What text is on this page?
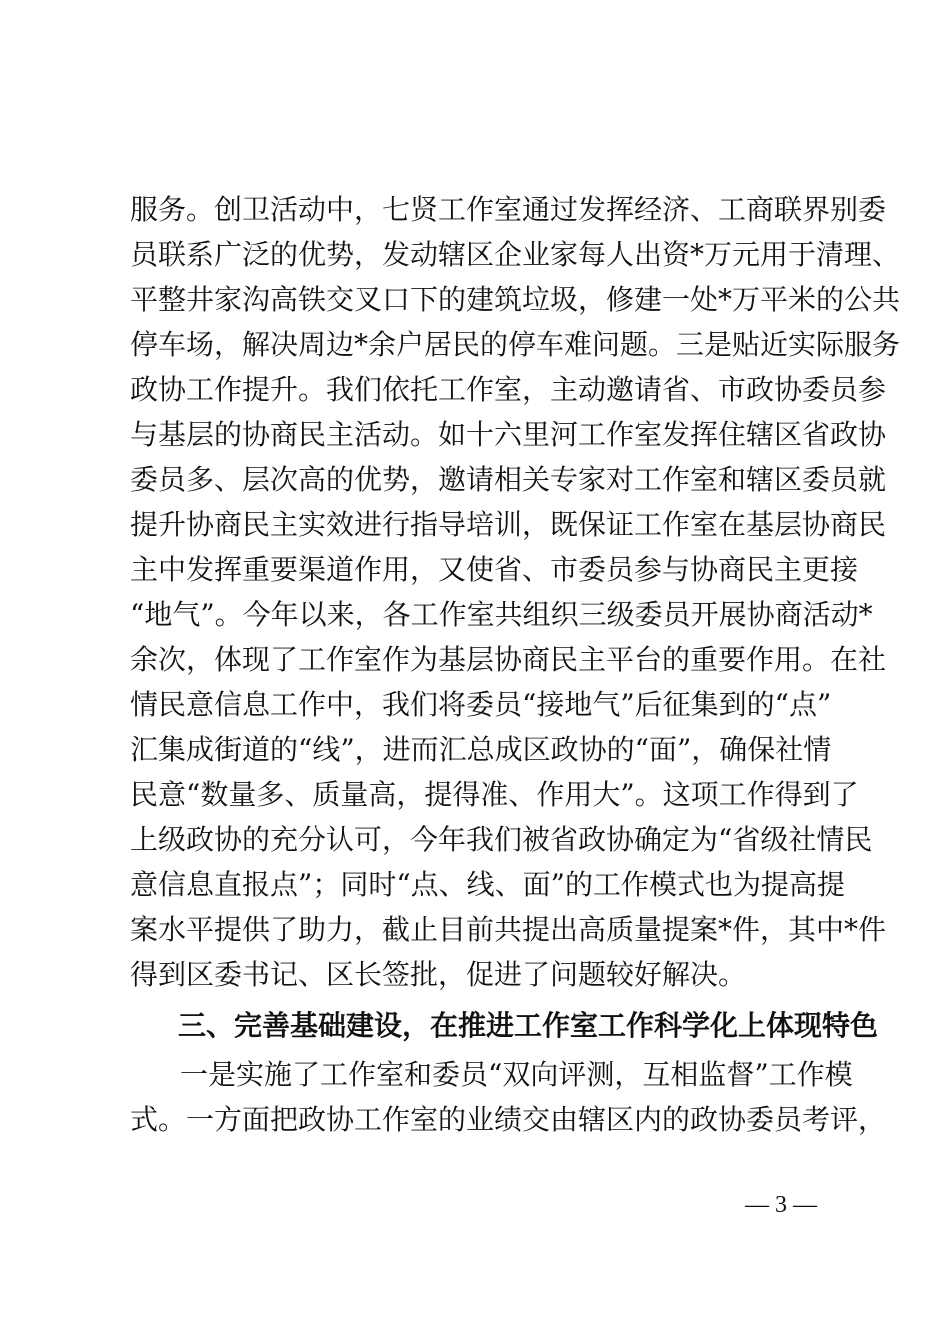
服务。创卫活动中，七贤工作室通过发挥经济、工商联界别委
员联系广泛的优势，发动辖区企业家每人出资*万元用于清理、
平整井家沟高铁交叉口下的建筑垃圾，修建一处*万平米的公共
停车场，解决周边*余户居民的停车难问题。三是贴近实际服务
政协工作提升。我们依托工作室，主动邀请省、市政协委员参
与基层的协商民主活动。如十六里河工作室发挥住辖区省政协
委员多、层次高的优势，邀请相关专家对工作室和辖区委员就
提升协商民主实效进行指导培训，既保证工作室在基层协商民
主中发挥重要渠道作用，又使省、市委员参与协商民主更接
“地气”。今年以来，各工作室共组织三级委员开展协商活动*
余次，体现了工作室作为基层协商民主平台的重要作用。在社
情民意信息工作中，我们将委员“接地气”后征集到的“点”
汇集成街道的“线”，进而汇总成区政协的“面”，确保社情
民意“数量多、质量高，提得准、作用大”。这项工作得到了
上级政协的充分认可，今年我们被省政协确定为“省级社情民
意信息直报点”；同时“点、线、面”的工作模式也为提高提
案水平提供了助力，截止目前共提出高质量提案*件，其中*件
得到区委书记、区长签批，促进了问题较好解决。
三、完善基础建设，在推进工作室工作科学化上体现特色
一是实施了工作室和委员“双向评测，互相监督”工作模
式。一方面把政协工作室的业绩交由辖区内的政协委员考评，
— 3 —
